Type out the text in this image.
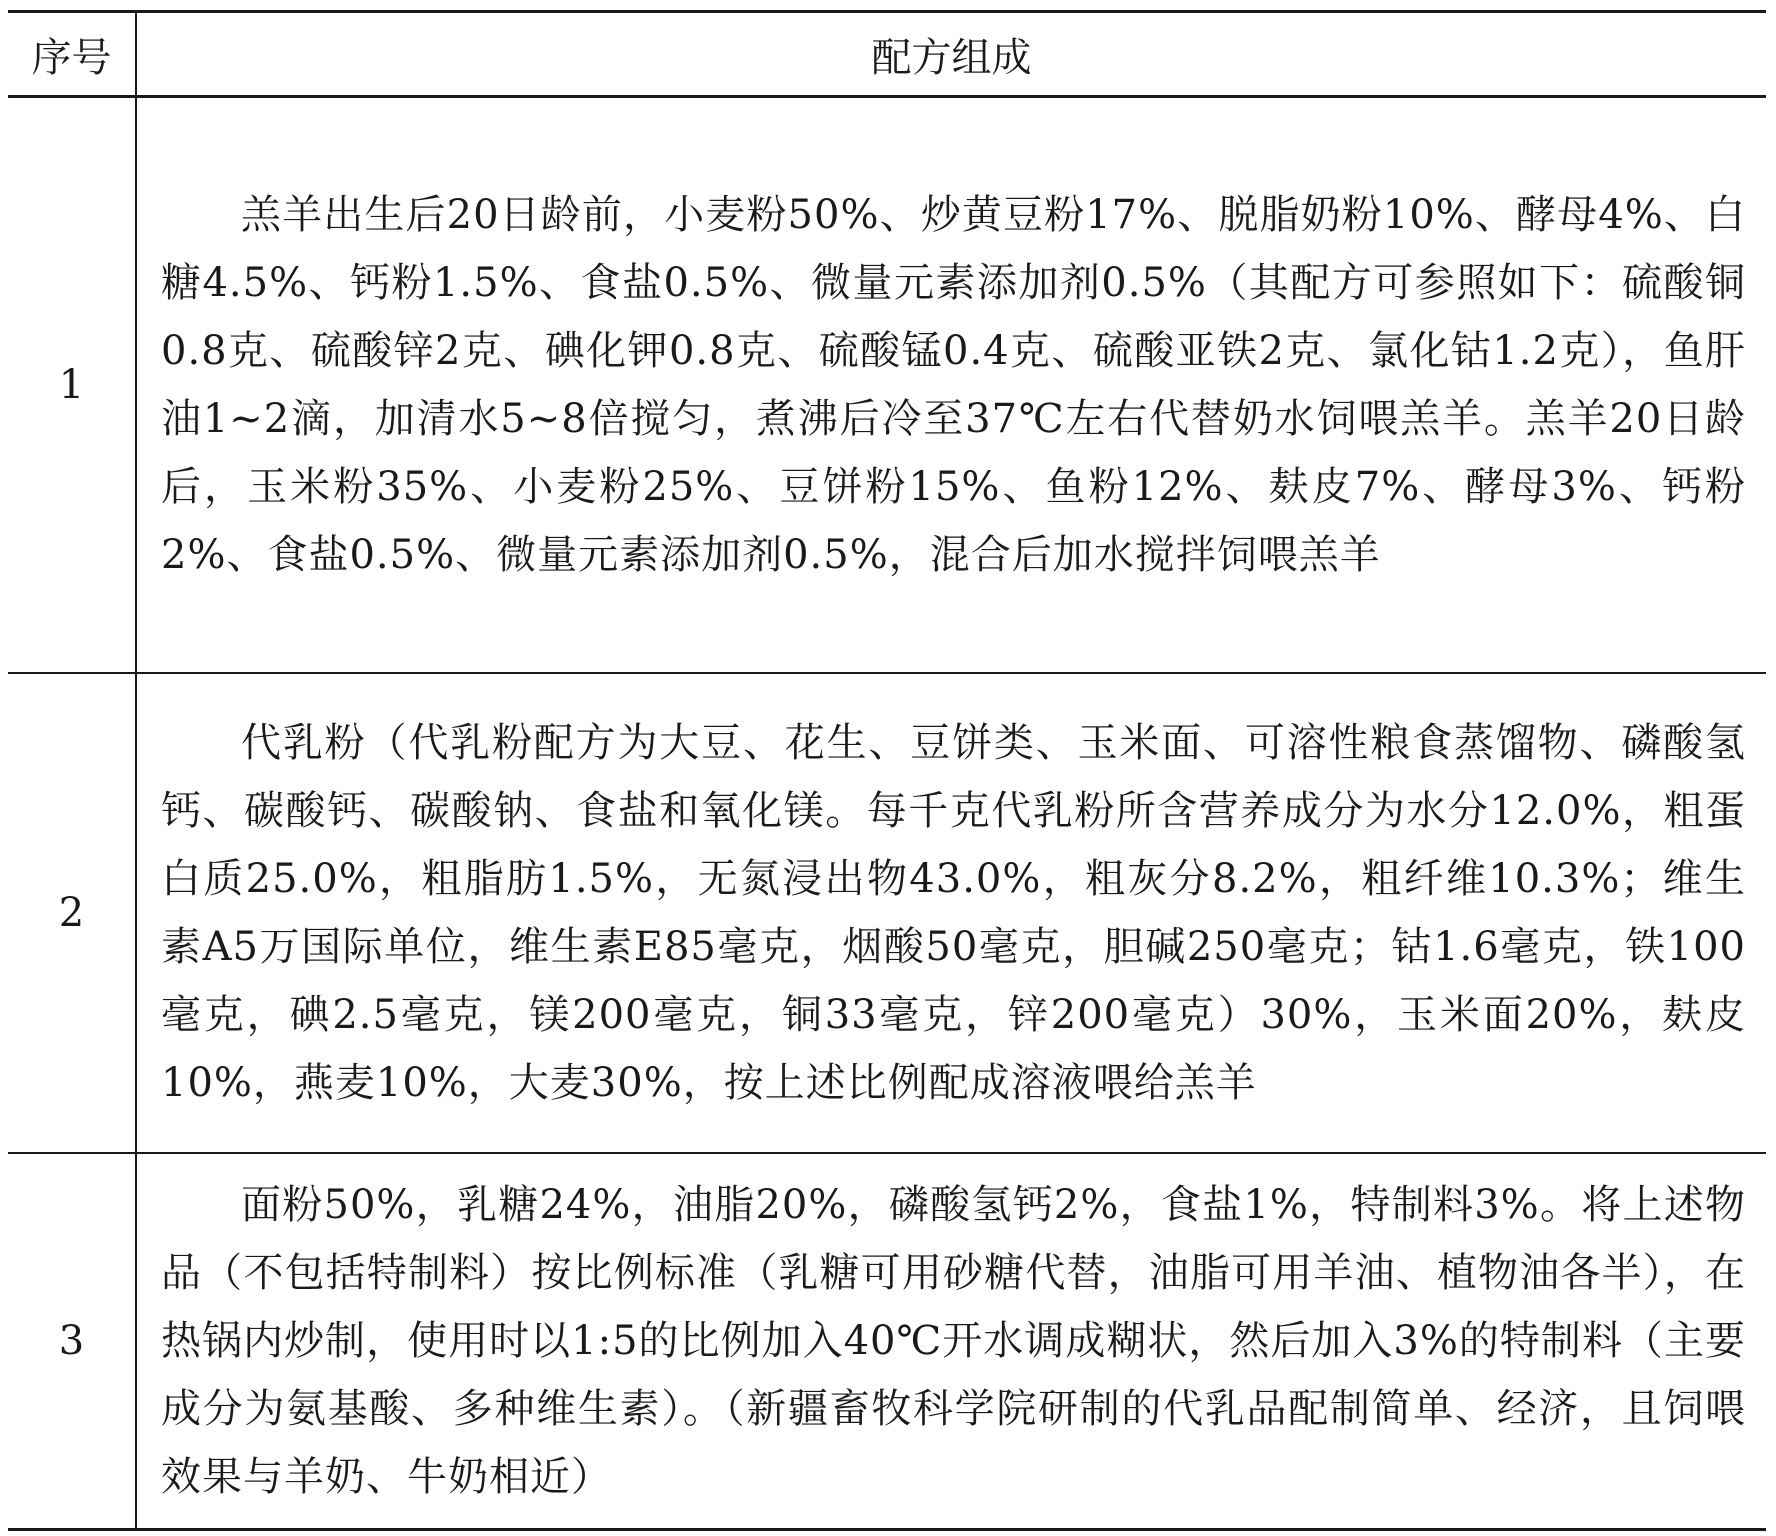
序号	配方组成
1	羔羊出生后20日龄前，小麦粉50%、炒黄豆粉17%、脱脂奶粉10%、酵母4%、白糖4.5%、钙粉1.5%、食盐0.5%、微量元素添加剂0.5%（其配方可参照如下：硫酸铜0.8克、硫酸锌2克、碘化钾0.8克、硫酸锰0.4克、硫酸亚铁2克、氯化钴1.2克），鱼肝油1~2滴，加清水5~8倍搅匀，煮沸后冷至37℃左右代替奶水饲喂羔羊。羔羊20日龄后，玉米粉35%、小麦粉25%、豆饼粉15%、鱼粉12%、麸皮7%、酵母3%、钙粉2%、食盐0.5%、微量元素添加剂0.5%，混合后加水搅拌饲喂羔羊
2	代乳粉（代乳粉配方为大豆、花生、豆饼类、玉米面、可溶性粮食蒸馏物、磷酸氢钙、碳酸钙、碳酸钠、食盐和氧化镁。每千克代乳粉所含营养成分为水分12.0%，粗蛋白质25.0%，粗脂肪1.5%，无氮浸出物43.0%，粗灰分8.2%，粗纤维10.3%；维生素A5万国际单位，维生素E85毫克，烟酸50毫克，胆碱250毫克；钴1.6毫克，铁100毫克，碘2.5毫克，镁200毫克，铜33毫克，锌200毫克）30%，玉米面20%，麸皮10%，燕麦10%，大麦30%，按上述比例配成溶液喂给羔羊
3	面粉50%，乳糖24%，油脂20%，磷酸氢钙2%，食盐1%，特制料3%。将上述物品（不包括特制料）按比例标准（乳糖可用砂糖代替，油脂可用羊油、植物油各半），在热锅内炒制，使用时以1:5的比例加入40℃开水调成糊状，然后加入3%的特制料（主要成分为氨基酸、多种维生素）。（新疆畜牧科学院研制的代乳品配制简单、经济，且饲喂效果与羊奶、牛奶相近）
